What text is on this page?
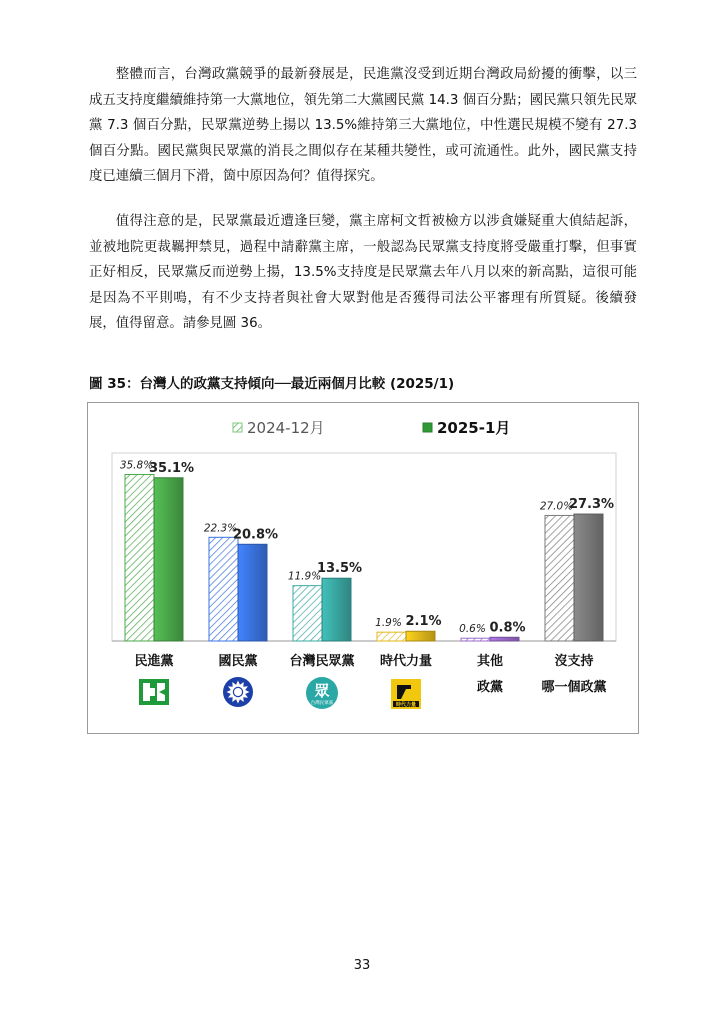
整體而言，台灣政黨競爭的最新發展是，民進黨沒受到近期台灣政局紛擾的衝擊，以三成五支持度繼續維持第一大黨地位，領先第二大黨國民黨 14.3 個百分點；國民黨只領先民眾黨 7.3 個百分點，民眾黨逆勢上揚以 13.5%維持第三大黨地位，中性選民規模不變有 27.3 個百分點。國民黨與民眾黨的消長之間似存在某種共變性，或可流通性。此外，國民黨支持度已連續三個月下滑，箇中原因為何？值得探究。

值得注意的是，民眾黨最近遭逢巨變，黨主席柯文哲被檢方以涉貪嫌疑重大偵結起訴，並被地院更裁羈押禁見，過程中請辭黨主席，一般認為民眾黨支持度將受嚴重打擊，但事實正好相反，民眾黨反而逆勢上揚，13.5%支持度是民眾黨去年八月以來的新高點，這很可能是因為不平則鳴，有不少支持者與社會大眾對他是否獲得司法公平審理有所質疑。後續發展，值得留意。請參見圖 36。

圖 35：台灣人的政黨支持傾向──最近兩個月比較 (2025/1)
2024-12月	2025-1月
35.8%
35.1%
民進黨
22.3%
20.8%
國民黨
11.9%
13.5%
台灣民眾黨
1.9% 2.1%
時代力量
0.6% 0.8%
其他
政黨
27.0%
27.3%
沒支持
哪一個政黨
眾
台灣民眾黨	時代力量
33
